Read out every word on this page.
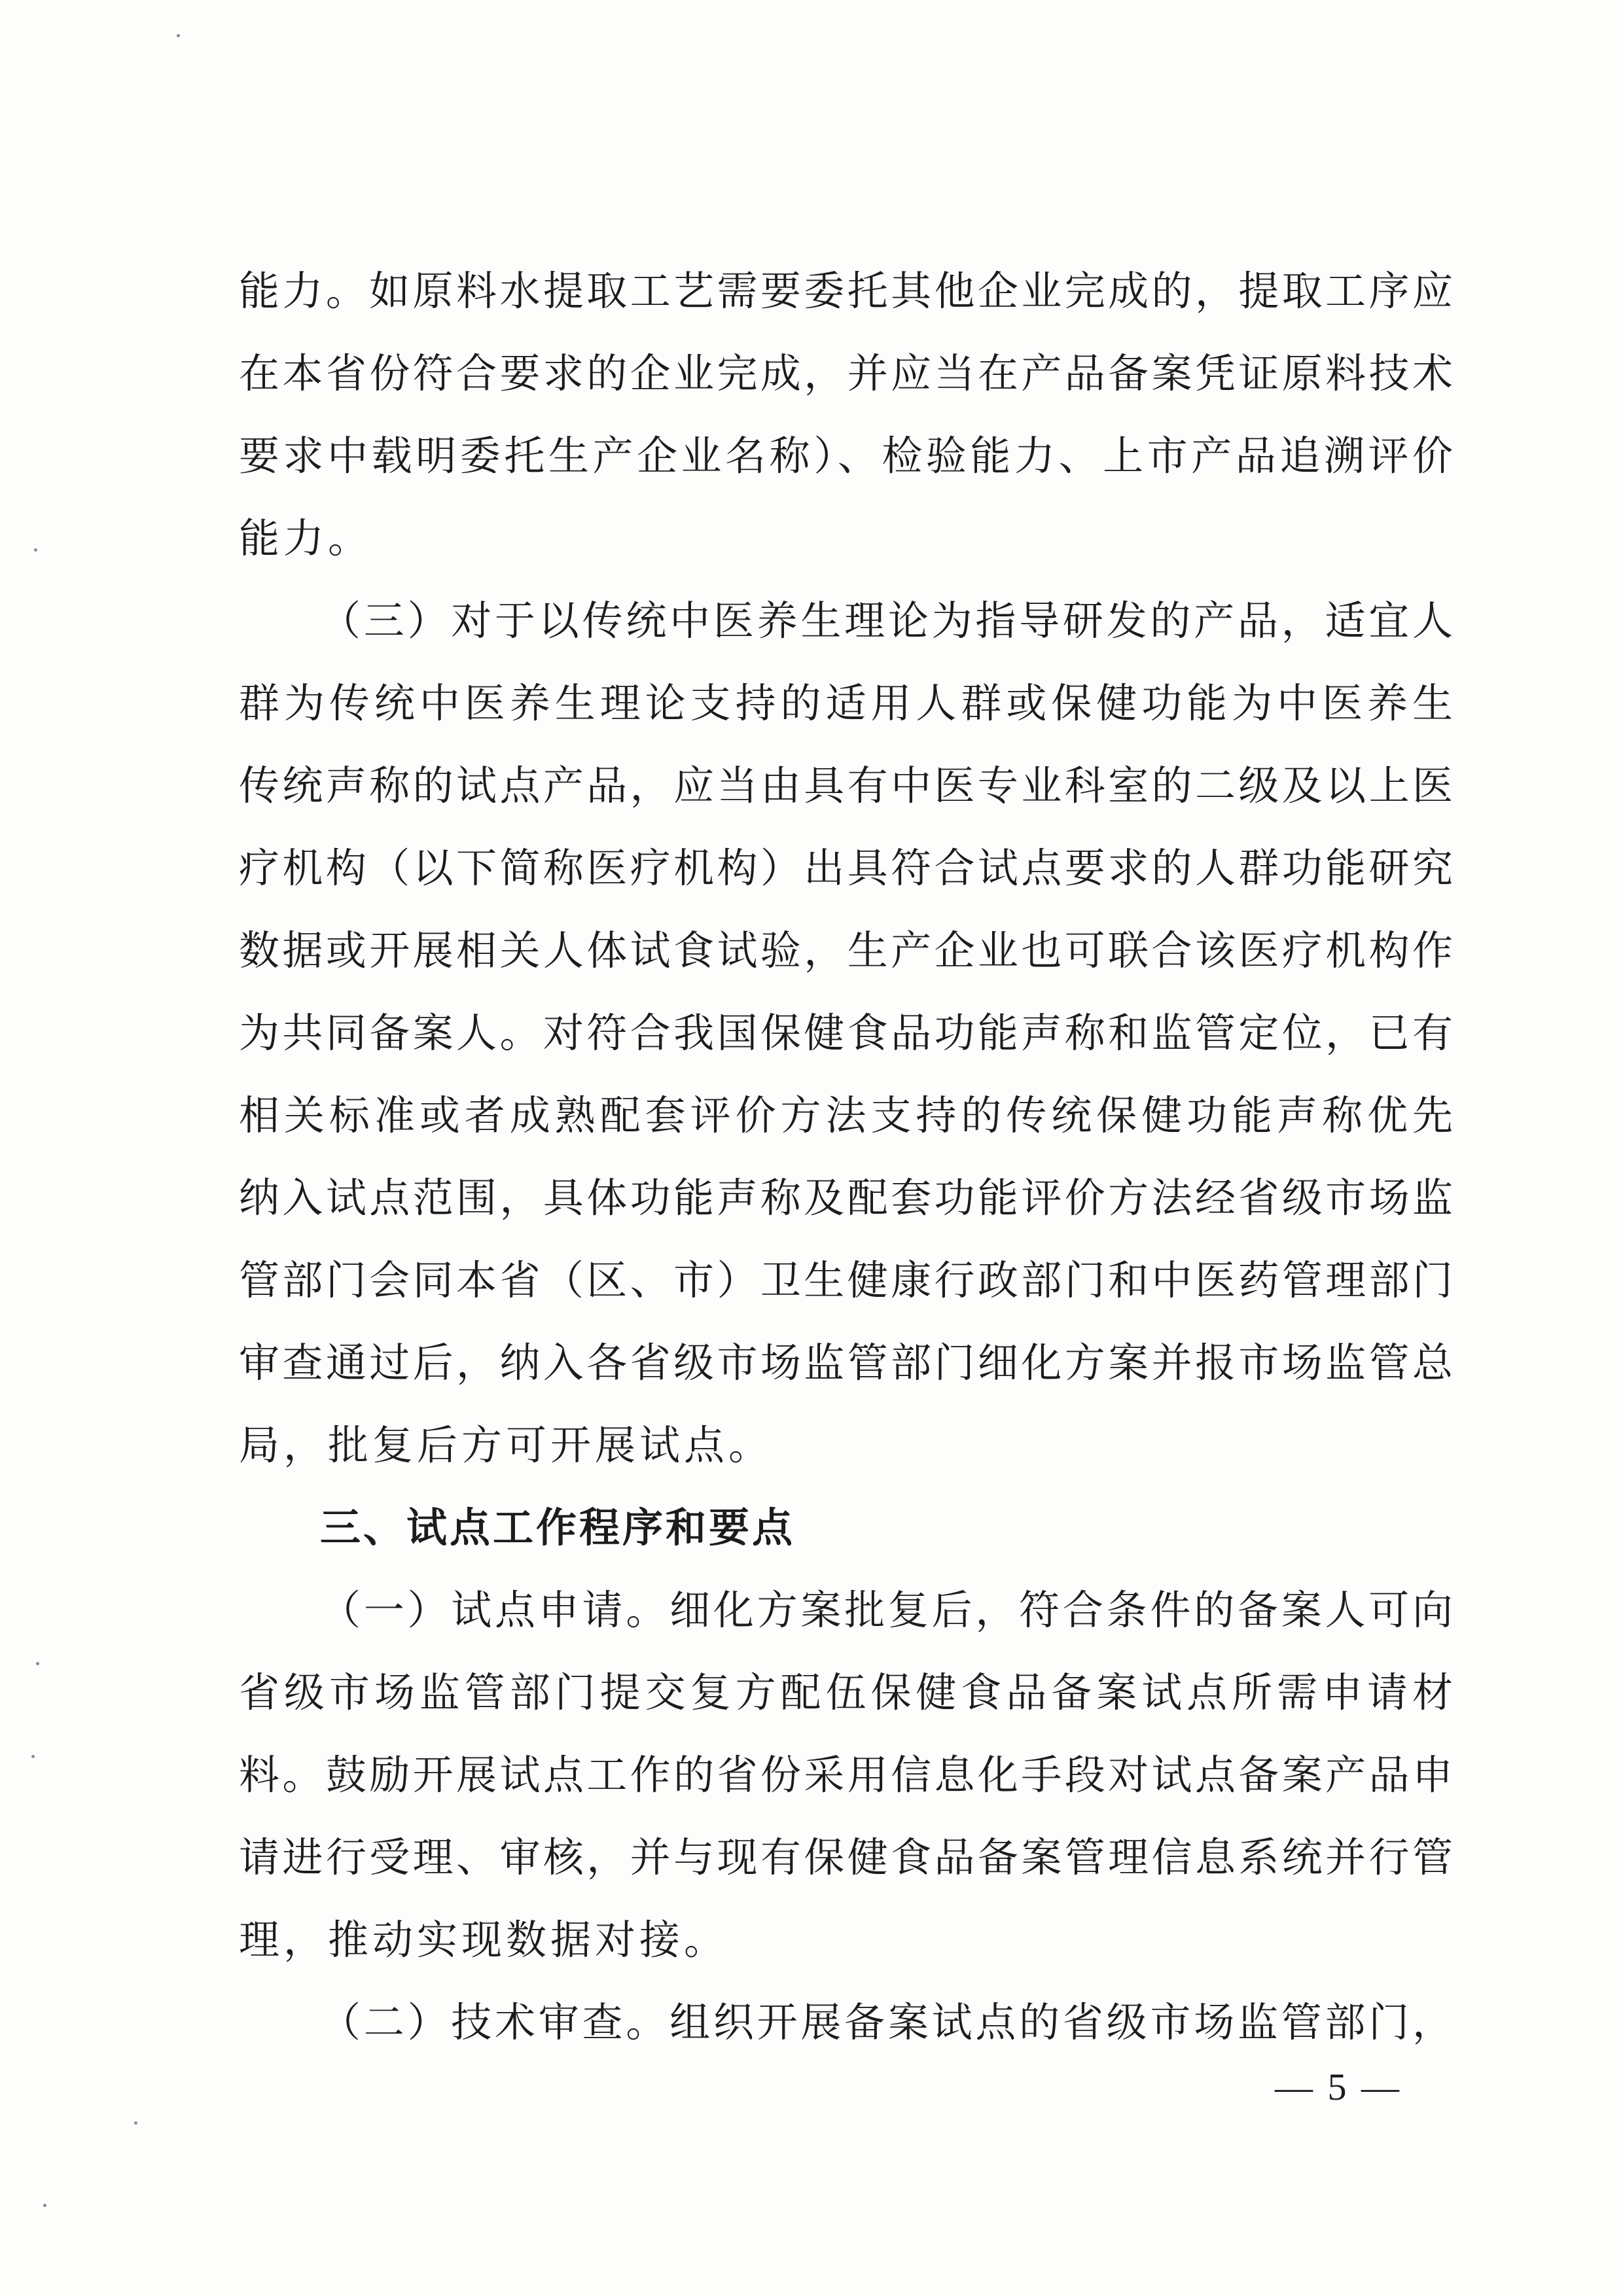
能力。如原料水提取工艺需要委托其他企业完成的，提取工序应
在本省份符合要求的企业完成，并应当在产品备案凭证原料技术
要求中载明委托生产企业名称）、检验能力、上市产品追溯评价
能力。
（三）对于以传统中医养生理论为指导研发的产品，适宜人
群为传统中医养生理论支持的适用人群或保健功能为中医养生
传统声称的试点产品，应当由具有中医专业科室的二级及以上医
疗机构（以下简称医疗机构）出具符合试点要求的人群功能研究
数据或开展相关人体试食试验，生产企业也可联合该医疗机构作
为共同备案人。对符合我国保健食品功能声称和监管定位，已有
相关标准或者成熟配套评价方法支持的传统保健功能声称优先
纳入试点范围，具体功能声称及配套功能评价方法经省级市场监
管部门会同本省（区、市）卫生健康行政部门和中医药管理部门
审查通过后，纳入各省级市场监管部门细化方案并报市场监管总
局，批复后方可开展试点。
三、试点工作程序和要点
（一）试点申请。细化方案批复后，符合条件的备案人可向
省级市场监管部门提交复方配伍保健食品备案试点所需申请材
料。鼓励开展试点工作的省份采用信息化手段对试点备案产品申
请进行受理、审核，并与现有保健食品备案管理信息系统并行管
理，推动实现数据对接。
（二）技术审查。组织开展备案试点的省级市场监管部门，
— 5 —
